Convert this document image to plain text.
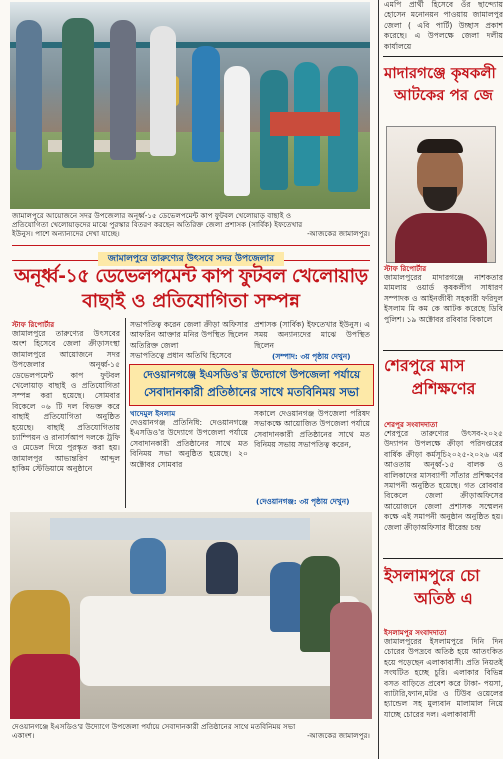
জামালপুরে আয়োজনে সদর উপজেলার অনূর্ধ্ব-১৫ ডেভেলপমেন্ট কাপ ফুটবল খেলোয়াড় বাছাই ও
প্রতিযোগিতা খেলোয়াড়দের মাঝে পুরস্কার বিতরণ করছেন অতিরিক্ত জেলা প্রশাসক (সার্বিক) ইফতেখার
ইউনুস। পাশে অন্যান্যদের দেখা যাচ্ছে।	-আজকের জামালপুর।
জামালপুরে তারুণ্যের উৎসবে সদর উপজেলার
অনূর্ধ্ব-১৫ ডেভেলপমেন্ট কাপ ফুটবল খেলোয়াড়
বাছাই ও প্রতিযোগিতা সম্পন্ন
স্টাফ রিপোর্টার
জামালপুরে তারুণ্যের উৎসবের অংশ হিসেবে জেলা ক্রীড়াসংস্থা জামালপুরে আয়োজনে সদর উপজেলার অনূর্ধ্ব-১৫ ডেভেলপমেন্ট কাপ ফুটবল খেলোয়াড় বাছাই ও প্রতিযোগিতা সম্পন্ন করা হয়েছে। সোমবার বিকেলে ০৬ টি দল বিভক্ত করে বাছাই প্রতিযোগিতা অনুষ্ঠিত হয়েছে। বাছাই প্রতিযোগিতায় চ্যাম্পিয়ন ও রানার্সআপ দলকে ট্রফি ও মেডেল দিয়ে পুরস্কৃত করা হয়। জামালপুর আভ্যন্তরিণ আব্দুল হাকিম স্টেডিয়ামে অনুষ্ঠানে
সভাপতিত্ব করেন জেলা ক্রীড়া অফিসার আফরিন আক্তার মনির উপস্থিত ছিলেন অতিরিক্ত জেলা
সভাপতিত্বে প্রধান অতিথি হিসেবে
প্রশাসক (সার্বিক) ইফতেখার ইউনুস। এ সময় অন্যান্যদের মাঝে উপস্থিত ছিলেন
(সম্পাদ: ৩য় পৃষ্ঠায় দেখুন)
দেওয়ানগঞ্জে ইএসডিও'র উদ্যোগে উপজেলা পর্যায়ে
সেবাদানকারী প্রতিষ্ঠানের সাথে মতবিনিময় সভা
খাদেমুল ইসলাম
দেওয়ানগঞ্জ প্রতিনিধি: দেওয়ানগঞ্জে ইএসডিও'র উদ্যোগে উপজেলা পর্যায়ে সেবাদানকারী প্রতিষ্ঠানের সাথে মত বিনিময় সভা অনুষ্ঠিত হয়েছে। ২০ অক্টোবর সোমবার
সকালে দেওয়ানগঞ্জ উপজেলা পরিষদ সভাকক্ষে আয়োজিত উপজেলা পর্যায়ে সেবাদানকারী প্রতিষ্ঠানের সাথে মত বিনিময় সভায় সভাপতিত্ব করেন,
(দেওয়ানগঞ্জ: ৩য় পৃষ্ঠায় দেখুন)
দেওয়ানগঞ্জে ইএসডিও'র উদ্যোগে উপজেলা পর্যায়ে সেবাদানকারী প্রতিষ্ঠানের সাথে মতবিনিময় সভা
একাংশ।	-আজকের জামালপুর।
এমপি প্রার্থী হিসেবে ওঁর ছান্দ্যোয় হোসেন মনোনয়ন পাওয়ায় জামালপুর জেলা ( এবি পার্টি) উচ্ছাস প্রকাশ করেছে। এ উপলক্ষে জেলা দলীয় কার্যালয়ে
মাদারগঞ্জে কৃষকলী
আটকের পর জে
স্টাফ রিপোর্টার
জামালপুরের মাদারগঞ্জে নাশকতার মামলায় ওয়ার্ড কৃষকলীগ সাধারণ সম্পাদক ও আইনজীবী সহকারী ফরিদুল ইসলাম মি কম কে আটক করেছে ডিবি পুলিশ। ১৯ অক্টোবর রবিবার বিকালে
শেরপুরে মাস
প্রশিক্ষণের
শেরপুর সংবাদদাতা
শেরপুরে তারুণ্যের উৎসব-২০২৫ উদ্যাপন উপলক্ষে ক্রীড়া পরিদপ্তরের বার্ষিক ক্রীড়া কর্মসূচি২০২৫-২০২৬ এর আওতায় অনূর্ধ্ব-১৫ বালক ও বালিকাদের মাসব্যাপী সাঁতার প্রশিক্ষণের সমাপনী অনুষ্ঠিত হয়েছে। গত রোববার বিকেলে জেলা ক্রীড়াঅফিসের আয়োজনে জেলা প্রশাসক সম্মেলন কক্ষে এই সমাপনী অনুষ্ঠান অনুষ্ঠিত হয়। জেলা ক্রীড়াঅফিসার ধীরেন্দ্র চন্দ্র
ইসলামপুরে চো
অতিষ্ঠ এ
ইসলামপুর সংবাদদাতা
জামালপুরের ইসলামপুরে দিনি দিন চোরের উপদ্রবে অতিষ্ঠ হয়ে আতংকিত হয়ে পড়েছেন এলাকাবাসী। প্রতি নিয়তই সংঘটিত হচ্ছে চুরি। এলাকার বিভিন্ন বসত বাড়িতে প্রবেশ করে টাকা- পয়সা, ব্যাটারি,ফ্যান,মটর ও টিউব ওয়েলের হ্যান্ডেল সহ মুল্যবান মালামাল নিয়ে যাচ্ছে চোরের দল। এলাকাবাসী
